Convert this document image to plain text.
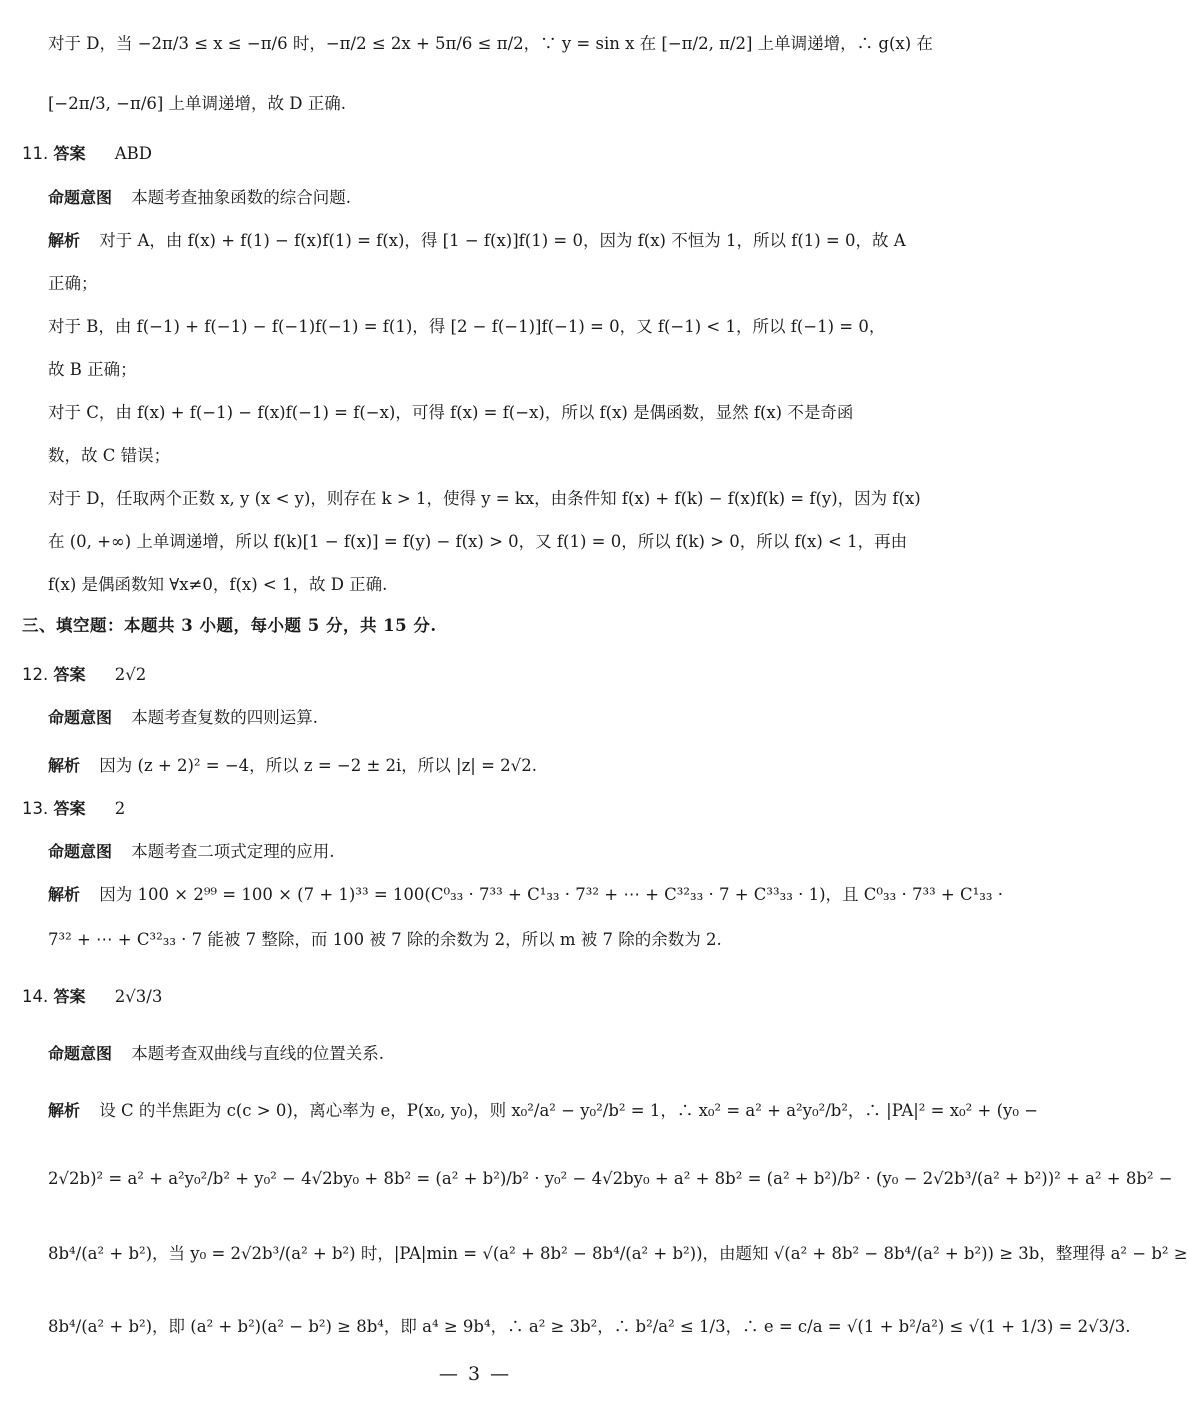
对于 D，当 −2π/3 ≤ x ≤ −π/6 时，−π/2 ≤ 2x + 5π/6 ≤ π/2，∵ y = sin x 在 [−π/2, π/2] 上单调递增，∴ g(x) 在
[−2π/3, −π/6] 上单调递增，故 D 正确.
11. 答案 ABD
命题意图 本题考查抽象函数的综合问题.
解析 对于 A，由 f(x) + f(1) − f(x)f(1) = f(x)，得 [1 − f(x)]f(1) = 0，因为 f(x) 不恒为 1，所以 f(1) = 0，故 A
正确；
对于 B，由 f(−1) + f(−1) − f(−1)f(−1) = f(1)，得 [2 − f(−1)]f(−1) = 0，又 f(−1) < 1，所以 f(−1) = 0，
故 B 正确；
对于 C，由 f(x) + f(−1) − f(x)f(−1) = f(−x)，可得 f(x) = f(−x)，所以 f(x) 是偶函数，显然 f(x) 不是奇函
数，故 C 错误；
对于 D，任取两个正数 x, y (x < y)，则存在 k > 1，使得 y = kx，由条件知 f(x) + f(k) − f(x)f(k) = f(y)，因为 f(x)
在 (0, +∞) 上单调递增，所以 f(k)[1 − f(x)] = f(y) − f(x) > 0，又 f(1) = 0，所以 f(k) > 0，所以 f(x) < 1，再由
f(x) 是偶函数知 ∀x≠0，f(x) < 1，故 D 正确.
三、填空题：本题共 3 小题，每小题 5 分，共 15 分.
12. 答案 2√2
命题意图 本题考查复数的四则运算.
解析 因为 (z + 2)² = −4，所以 z = −2 ± 2i，所以 |z| = 2√2.
13. 答案 2
命题意图 本题考查二项式定理的应用.
解析 因为 100 × 2⁹⁹ = 100 × (7 + 1)³³ = 100(C⁰₃₃ · 7³³ + C¹₃₃ · 7³² + ⋯ + C³²₃₃ · 7 + C³³₃₃ · 1)，且 C⁰₃₃ · 7³³ + C¹₃₃ ·
7³² + ⋯ + C³²₃₃ · 7 能被 7 整除，而 100 被 7 除的余数为 2，所以 m 被 7 除的余数为 2.
14. 答案 2√3/3
命题意图 本题考查双曲线与直线的位置关系.
解析 设 C 的半焦距为 c(c > 0)，离心率为 e，P(x₀, y₀)，则 x₀²/a² − y₀²/b² = 1，∴ x₀² = a² + a²y₀²/b²，∴ |PA|² = x₀² + (y₀ −
2√2b)² = a² + a²y₀²/b² + y₀² − 4√2by₀ + 8b² = (a² + b²)/b² · y₀² − 4√2by₀ + a² + 8b² = (a² + b²)/b² · (y₀ − 2√2b³/(a² + b²))² + a² + 8b² −
8b⁴/(a² + b²)，当 y₀ = 2√2b³/(a² + b²) 时，|PA|min = √(a² + 8b² − 8b⁴/(a² + b²))，由题知 √(a² + 8b² − 8b⁴/(a² + b²)) ≥ 3b，整理得 a² − b² ≥
8b⁴/(a² + b²)，即 (a² + b²)(a² − b²) ≥ 8b⁴，即 a⁴ ≥ 9b⁴，∴ a² ≥ 3b²，∴ b²/a² ≤ 1/3，∴ e = c/a = √(1 + b²/a²) ≤ √(1 + 1/3) = 2√3/3.
— 3 —
